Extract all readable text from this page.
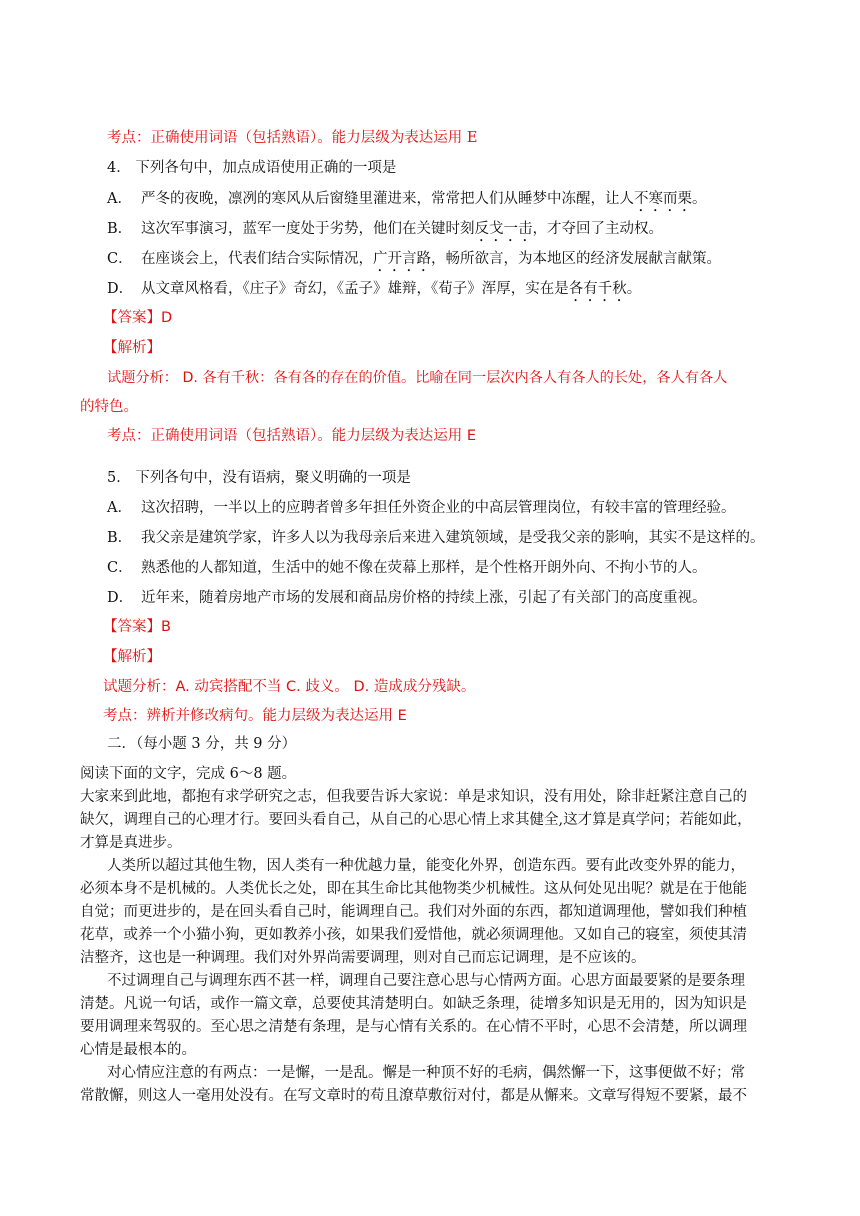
考点：正确使用词语（包括熟语）。能力层级为表达运用 E
4． 下列各句中，加点成语使用正确的一项是
A． 严冬的夜晚，凛冽的寒风从后窗缝里灌进来，常常把人们从睡梦中冻醒，让人不寒而栗。
B． 这次军事演习，蓝军一度处于劣势，他们在关键时刻反戈一击，才夺回了主动权。
C． 在座谈会上，代表们结合实际情况，广开言路，畅所欲言，为本地区的经济发展献言献策。
D． 从文章风格看，《庄子》奇幻，《孟子》雄辩，《荀子》浑厚，实在是各有千秋。
【答案】D
【解析】
试题分析： D. 各有千秋：各有各的存在的价值。比喻在同一层次内各人有各人的长处，各人有各人
的特色。
考点：正确使用词语（包括熟语）。能力层级为表达运用 E
5． 下列各句中，没有语病，聚义明确的一项是
A． 这次招聘，一半以上的应聘者曾多年担任外资企业的中高层管理岗位，有较丰富的管理经验。
B． 我父亲是建筑学家，许多人以为我母亲后来进入建筑领域，是受我父亲的影响，其实不是这样的。
C． 熟悉他的人都知道，生活中的她不像在荧幕上那样，是个性格开朗外向、不拘小节的人。
D． 近年来，随着房地产市场的发展和商品房价格的持续上涨，引起了有关部门的高度重视。
【答案】B
【解析】
试题分析：A. 动宾搭配不当 C. 歧义。 D. 造成成分残缺。
考点：辨析并修改病句。能力层级为表达运用 E
二．（每小题 3 分，共 9 分）
阅读下面的文字，完成 6～8 题。
大家来到此地，都抱有求学研究之志，但我要告诉大家说：单是求知识，没有用处，除非赶紧注意自己的
缺欠，调理自己的心理才行。要回头看自己，从自己的心思心情上求其健全,这才算是真学问；若能如此，
才算是真进步。
人类所以超过其他生物，因人类有一种优越力量，能变化外界，创造东西。要有此改变外界的能力，
必须本身不是机械的。人类优长之处，即在其生命比其他物类少机械性。这从何处见出呢？就是在于他能
自觉；而更进步的，是在回头看自己时，能调理自己。我们对外面的东西，都知道调理他，譬如我们种植
花草，或养一个小猫小狗，更如教养小孩，如果我们爱惜他，就必须调理他。又如自己的寝室，须使其清
洁整齐，这也是一种调理。我们对外界尚需要调理，则对自己而忘记调理，是不应该的。
不过调理自己与调理东西不甚一样，调理自己要注意心思与心情两方面。心思方面最要紧的是要条理
清楚。凡说一句话，或作一篇文章，总要使其清楚明白。如缺乏条理，徒增多知识是无用的，因为知识是
要用调理来驾驭的。至心思之清楚有条理，是与心情有关系的。在心情不平时，心思不会清楚，所以调理
心情是最根本的。
对心情应注意的有两点：一是懈，一是乱。懈是一种顶不好的毛病，偶然懈一下，这事便做不好；常
常散懈，则这人一毫用处没有。在写文章时的苟且潦草敷衍对付，都是从懈来。文章写得短不要紧，最不
